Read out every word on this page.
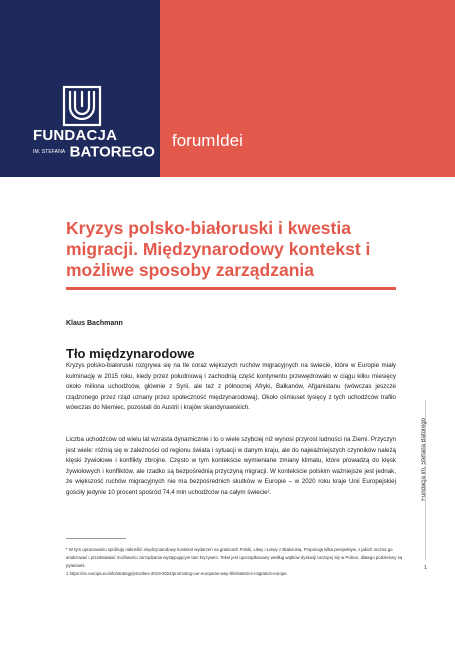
FUNDACJA
IM. STEFANA BATOREGO
forumIdei
Kryzys polsko-białoruski i kwestia migracji. Międzynarodowy kontekst i możliwe sposoby zarządzania
Klaus Bachmann
Tło międzynarodowe
Kryzys polsko-białoruski rozgrywa się na tle coraz większych ruchów migracyjnych na świecie, które w Europie miały kulminację w 2015 roku, kiedy przez południową i zachodnią część kontynentu przewędrowało w ciągu kilku miesięcy około miliona uchodźców, głównie z Syrii, ale też z północnej Afryki, Bałkanów, Afganistanu (wówczas jeszcze rządzonego przez rząd uznany przez społeczność międzynarodową). Około ośmiuset tysięcy z tych uchodźców trafiło wówczas do Niemiec, pozostali do Austrii i krajów skandynawskich.
Liczba uchodźców od wielu lat wzrasta dynamicznie i to o wiele szybciej niż wynosi przyrost ludności na Ziemi. Przyczyn jest wiele: różnią się w zależności od regionu świata i sytuacji w danym kraju, ale do najważniejszych czynników należą klęski żywiołowe i konflikty zbrojne. Często w tym kontekście wymieniane zmiany klimatu, które prowadzą do klęsk żywiołowych i konfliktów, ale rzadko są bezpośrednią przyczyną migracji. W kontekście polskim ważniejsze jest jednak, że większość ruchów migracyjnych nie ma bezpośrednich skutków w Europie – w 2020 roku kraje Unii Europejskiej gościły jedynie 10 procent spośród 74,4 mln uchodźców na całym świecie¹.	Fundacja im. Stefana Batorego
* W tym opracowaniu spróbuję nakreślić międzynarodowy kontekst wydarzeń na granicach Polski, Litwy i Łotwy z Białorusią. Proponuję kilka perspektyw, z jakich można go analizować i przedstawiać możliwości zarządzania występującym tam kryzysem. Tekst jest uporządkowany według wątków dyskusji toczącej się w Polsce, dlatego podzielony są pytaniami.
1 https://ec.europa.eu/info/strategy/priorities-2019-2024/promoting-our-european-way-life/statistics-migration-europe.
1
